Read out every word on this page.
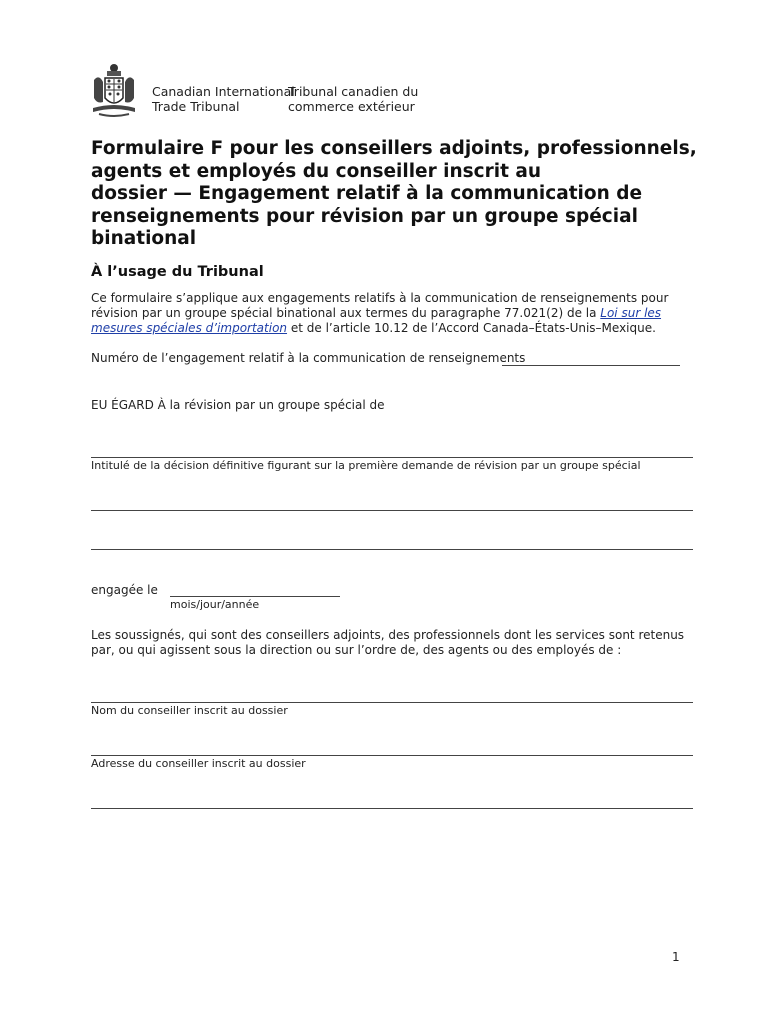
Canadian International
Trade Tribunal
Tribunal canadien du
commerce extérieur
Formulaire F pour les conseillers adjoints, professionnels,
agents et employés du conseiller inscrit au
dossier — Engagement relatif à la communication de
renseignements pour révision par un groupe spécial
binational
À l’usage du Tribunal
Ce formulaire s’applique aux engagements relatifs à la communication de renseignements pour révision par un groupe spécial binational aux termes du paragraphe 77.021(2) de la Loi sur les mesures spéciales d’importation et de l’article 10.12 de l’Accord Canada–États-Unis–Mexique.
Numéro de l’engagement relatif à la communication de renseignements
EU ÉGARD À la révision par un groupe spécial de
Intitulé de la décision définitive figurant sur la première demande de révision par un groupe spécial
engagée le
mois/jour/année
Les soussignés, qui sont des conseillers adjoints, des professionnels dont les services sont retenus par, ou qui agissent sous la direction ou sur l’ordre de, des agents ou des employés de :
Nom du conseiller inscrit au dossier
Adresse du conseiller inscrit au dossier
1
